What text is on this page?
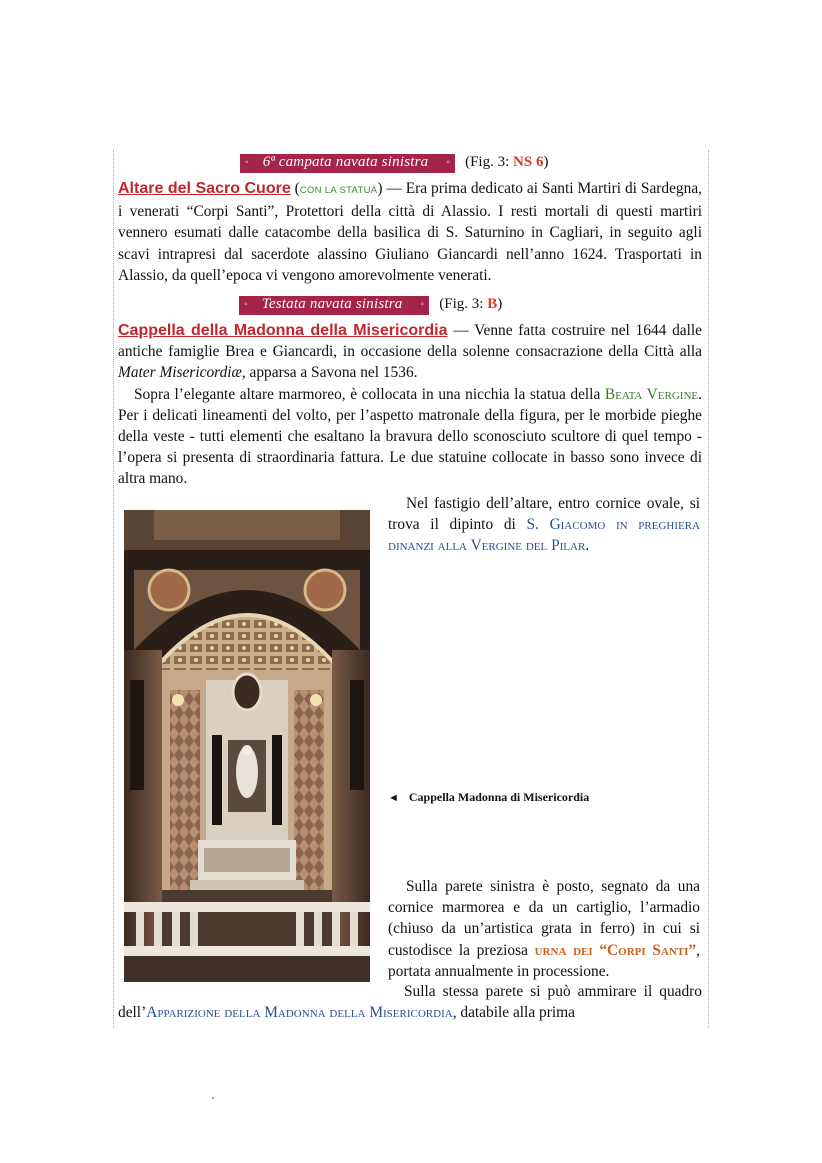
◦ 6ª campata navata sinistra ◦ (Fig. 3: NS 6)

Altare del Sacro Cuore (CON LA STATUA) — Era prima dedicato ai Santi Martiri di Sardegna, i venerati “Corpi Santi”, Protettori della città di Alassio. I resti mortali di questi martiri vennero esumati dalle catacombe della basilica di S. Saturnino in Cagliari, in seguito agli scavi intrapresi dal sacerdote alassino Giuliano Giancardi nell’anno 1624. Trasportati in Alassio, da quell’epoca vi vengono amorevolmente venerati.

◦ Testata navata sinistra ◦ (Fig. 3: B)

Cappella della Madonna della Misericordia — Venne fatta costruire nel 1644 dalle antiche famiglie Brea e Giancardi, in occasione della solenne consacrazione della Città alla Mater Misericordiæ, apparsa a Savona nel 1536.

Sopra l’elegante altare marmoreo, è collocata in una nicchia la statua della Beata Vergine. Per i delicati lineamenti del volto, per l’aspetto matronale della figura, per le morbide pieghe della veste - tutti elementi che esaltano la bravura dello sconosciuto scultore di quel tempo - l’opera si presenta di straordinaria fattura. Le due statuine collocate in basso sono invece di altra mano.

Nel fastigio dell’altare, entro cornice ovale, si trova il dipinto di S. Giacomo in preghiera dinanzi alla Vergine del Pilar.

◄ Cappella Madonna di Misericordia

Sulla parete sinistra è posto, segnato da una cornice marmorea e da un cartiglio, l’armadio (chiuso da un’artistica grata in ferro) in cui si custodisce la preziosa urna dei “Corpi Santi”, portata annualmente in processione.

Sulla stessa parete si può ammirare il quadro dell’Apparizione della Madonna della Misericordia, databile alla prima
